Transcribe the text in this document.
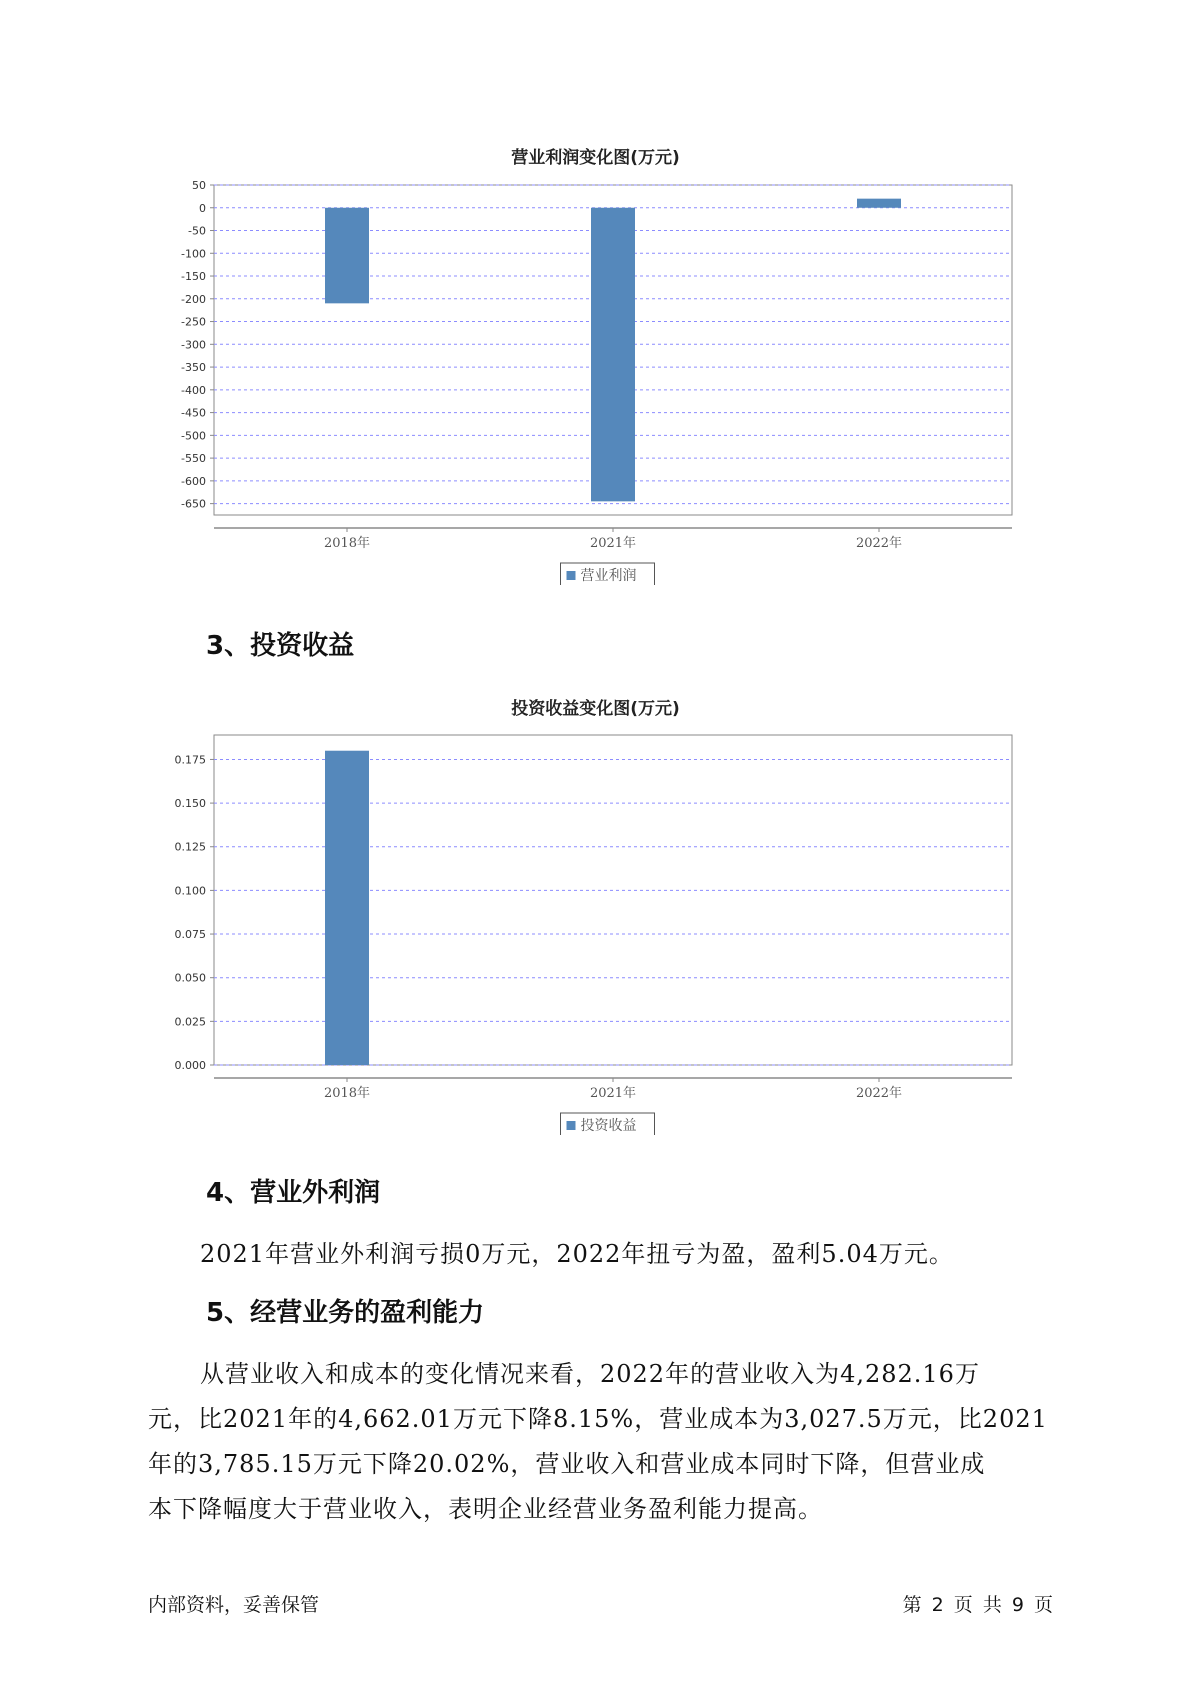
营业利润变化图(万元)
50
0
-50
-100
-150
-200
-250
-300
-350
-400
-450
-500
-550
-600
-650
2018年	2021年	2022年
营业利润
3、投资收益
投资收益变化图(万元)
0.175
0.150
0.125
0.100
0.075
0.050
0.025
0.000
2018年	2021年	2022年
投资收益
4、营业外利润

2021年营业外利润亏损0万元，2022年扭亏为盈，盈利5.04万元。

5、经营业务的盈利能力

从营业收入和成本的变化情况来看，2022年的营业收入为4,282.16万

元，比2021年的4,662.01万元下降8.15%，营业成本为3,027.5万元，比2021

年的3,785.15万元下降20.02%，营业收入和营业成本同时下降，但营业成

本下降幅度大于营业收入，表明企业经营业务盈利能力提高。

内部资料，妥善保管	第 2 页 共 9 页
